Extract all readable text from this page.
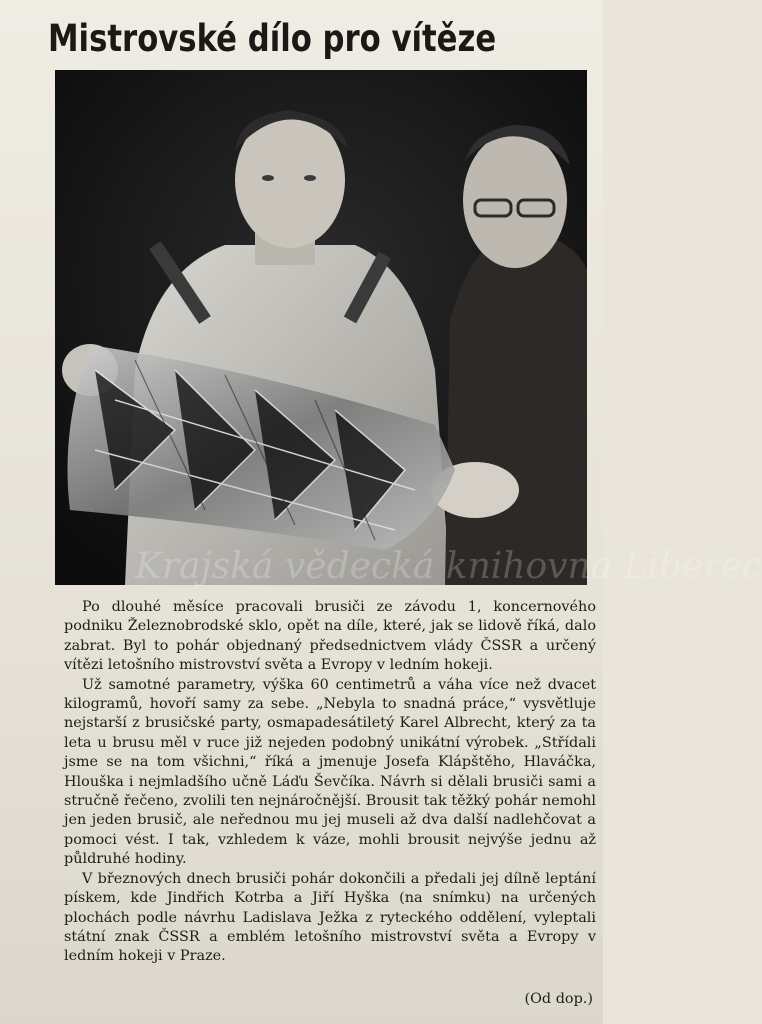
Mistrovské dílo pro vítěze
Krajská vědecká knihovna Liberec

Po dlouhé měsíce pracovali brusiči ze závodu 1, koncernového podniku Železnobrodské sklo, opět na díle, které, jak se lidově říká, dalo zabrat. Byl to pohár objednaný předsednictvem vlády ČSSR a určený vítězi letošního mistrovství světa a Evropy v ledním hokeji.

Už samotné parametry, výška 60 centimetrů a váha více než dvacet kilogramů, hovoří samy za sebe. „Nebyla to snadná práce,“ vysvětluje nejstarší z brusičské party, osmapadesátiletý Karel Albrecht, který za ta leta u brusu měl v ruce již nejeden podobný unikátní výrobek. „Střídali jsme se na tom všichni,“ říká a jmenuje Josefa Klápštěho, Hlaváčka, Hlouška i nejmladšího učně Láďu Ševčíka. Návrh si dělali brusiči sami a stručně řečeno, zvolili ten nejnáročnější. Brousit tak těžký pohár nemohl jen jeden brusič, ale neřednou mu jej museli až dva další nadlehčovat a pomoci vést. I tak, vzhledem k váze, mohli brousit nejvýše jednu až půldruhé hodiny.

V březnových dnech brusiči pohár dokončili a předali jej dílně leptání pískem, kde Jindřich Kotrba a Jiří Hyška (na snímku) na určených plochách podle návrhu Ladislava Ježka z ryteckého oddělení, vyleptali státní znak ČSSR a emblém letošního mistrovství světa a Evropy v ledním hokeji v Praze.

(Od dop.)
